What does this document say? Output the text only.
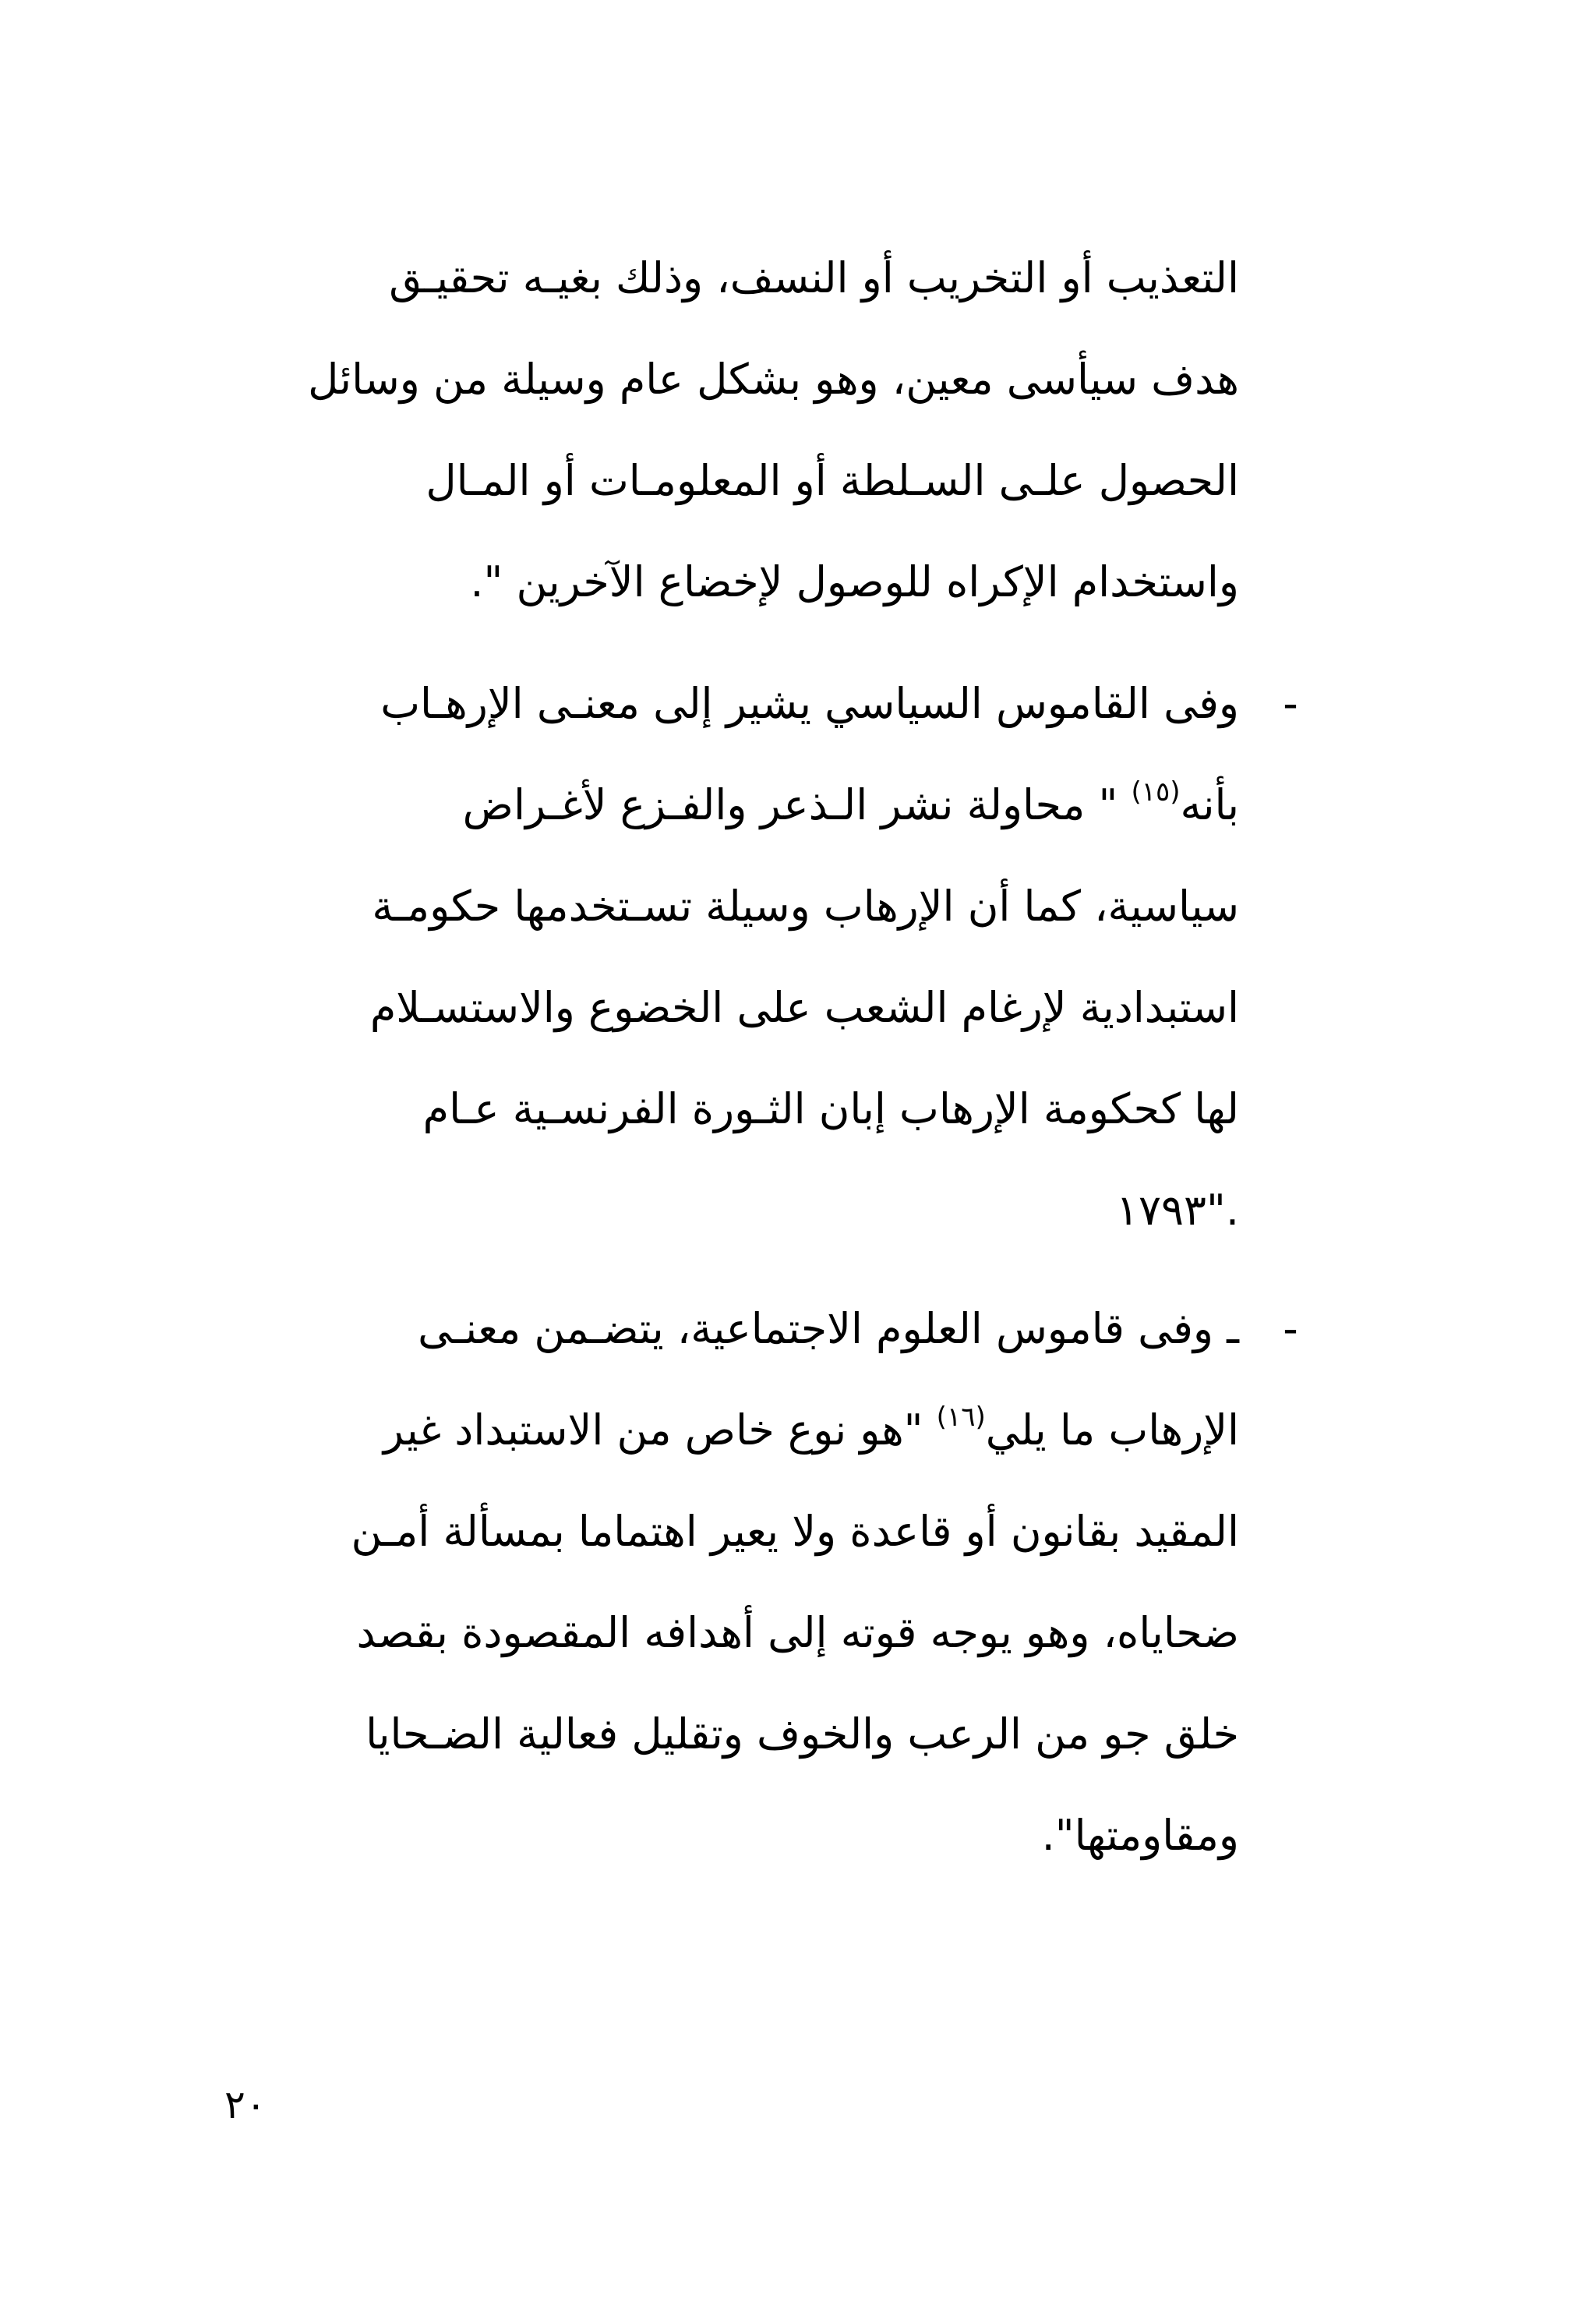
التعذيب أو التخريب أو النسف، وذلك بغيـه تحقيـق
هدف سيأسى معين، وهو بشكل عام وسيلة من وسائل
الحصول علـى السـلطة أو المعلومـات أو المـال
واستخدام الإكراه للوصول لإخضاع الآخرين ".
-
وفى القاموس السياسي يشير إلى معنـى الإرهـاب
بأنه$^{(١٥)}$ " محاولة نشر الـذعر والفـزع لأغـراض
سياسية، كما أن الإرهاب وسيلة تسـتخدمها حكومـة
استبدادية لإرغام الشعب على الخضوع والاستسـلام
لها كحكومة الإرهاب إبان الثـورة الفرنسـية عـام
١٧٩٣".
-
ـ وفى قاموس العلوم الاجتماعية، يتضـمن معنـى
الإرهاب ما يلي$^{(١٦)}$ "هو نوع خاص من الاستبداد غير
المقيد بقانون أو قاعدة ولا يعير اهتماما بمسألة أمـن
ضحاياه، وهو يوجه قوته إلى أهدافه المقصودة بقصد
خلق جو من الرعب والخوف وتقليل فعالية الضـحايا
ومقاومتها".
٢٠
